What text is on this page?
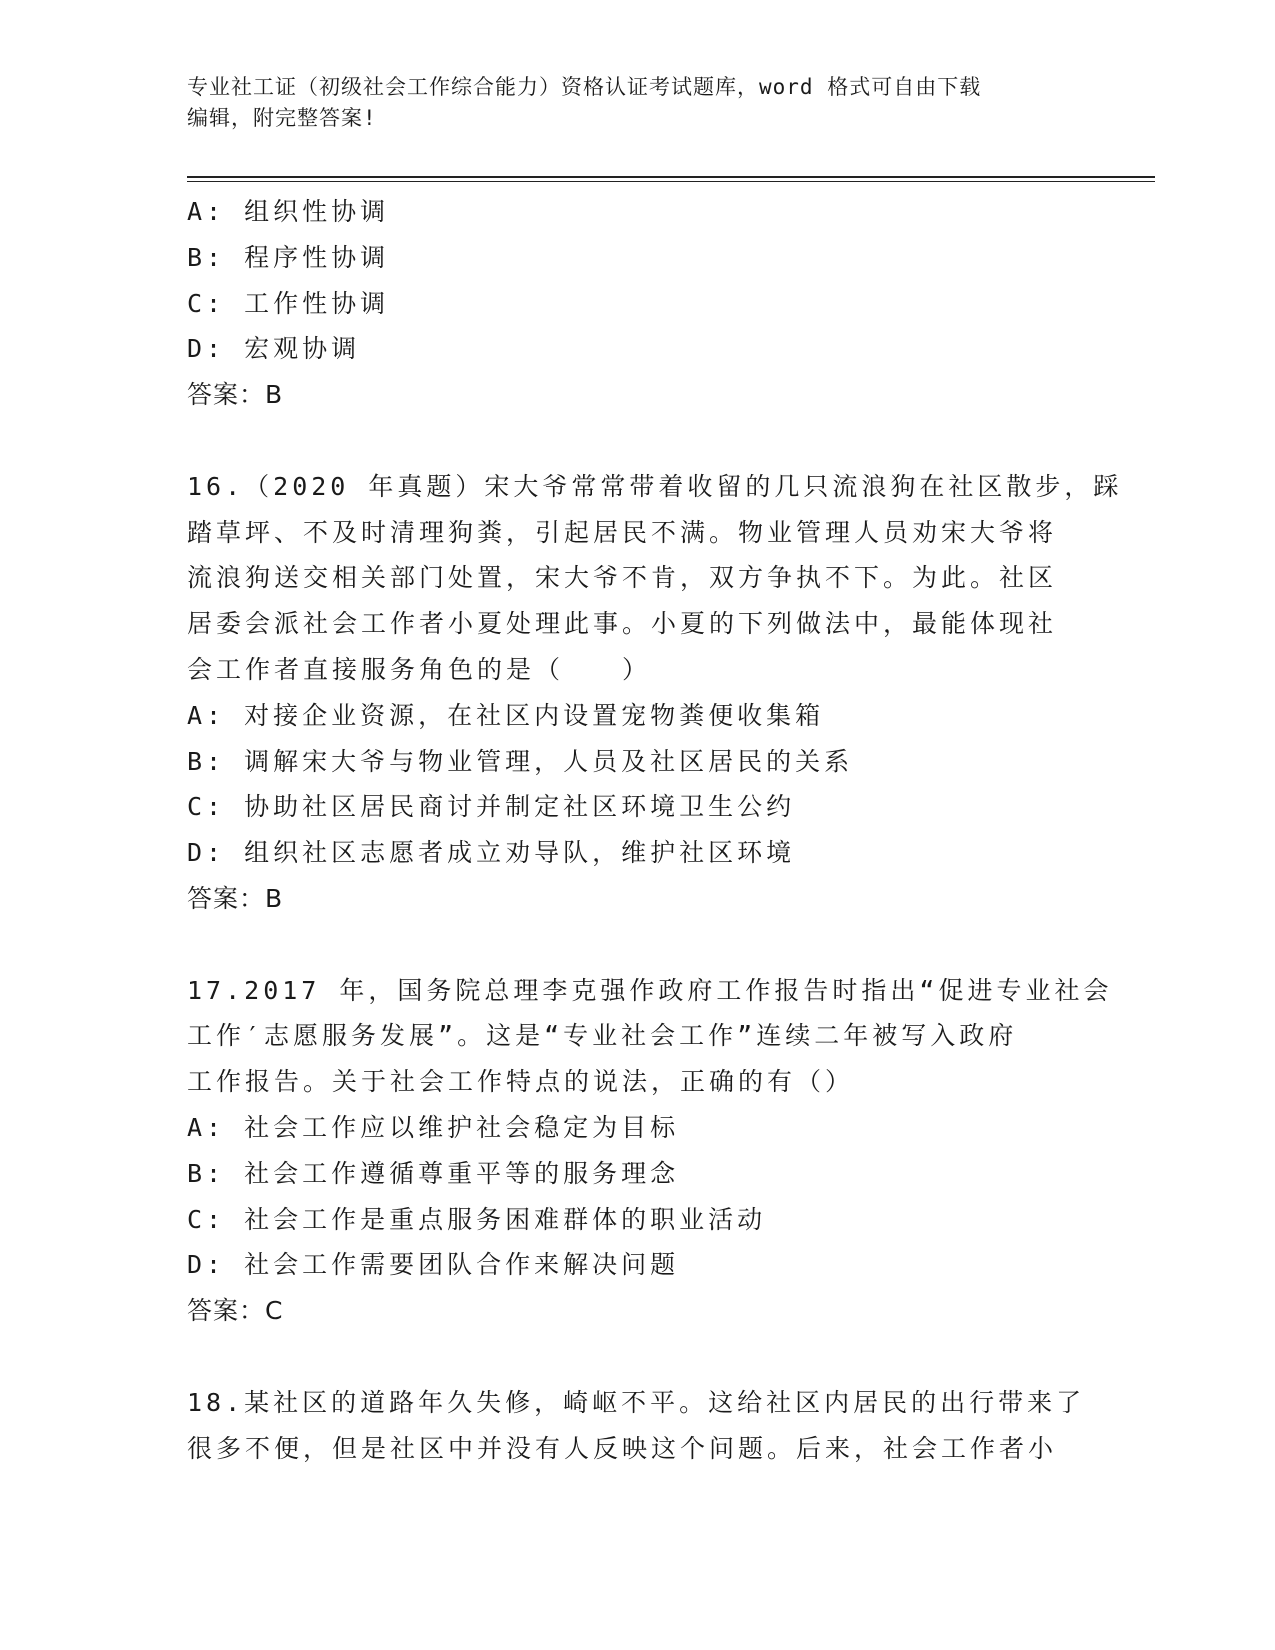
专业社工证（初级社会工作综合能力）资格认证考试题库，word 格式可自由下载
编辑，附完整答案!
A: 组织性协调
B: 程序性协调
C: 工作性协调
D: 宏观协调
答案：B
16.（2020 年真题）宋大爷常常带着收留的几只流浪狗在社区散步，踩
踏草坪、不及时清理狗粪，引起居民不满。物业管理人员劝宋大爷将
流浪狗送交相关部门处置，宋大爷不肯，双方争执不下。为此。社区
居委会派社会工作者小夏处理此事。小夏的下列做法中，最能体现社
会工作者直接服务角色的是（　　）
A: 对接企业资源，在社区内设置宠物粪便收集箱
B: 调解宋大爷与物业管理，人员及社区居民的关系
C: 协助社区居民商讨并制定社区环境卫生公约
D: 组织社区志愿者成立劝导队，维护社区环境
答案：B
17.2017 年，国务院总理李克强作政府工作报告时指出“促进专业社会
工作′志愿服务发展”。这是“专业社会工作”连续二年被写入政府
工作报告。关于社会工作特点的说法，正确的有（）
A: 社会工作应以维护社会稳定为目标
B: 社会工作遵循尊重平等的服务理念
C: 社会工作是重点服务困难群体的职业活动
D: 社会工作需要团队合作来解决问题
答案：C
18.某社区的道路年久失修，崎岖不平。这给社区内居民的出行带来了
很多不便，但是社区中并没有人反映这个问题。后来，社会工作者小
